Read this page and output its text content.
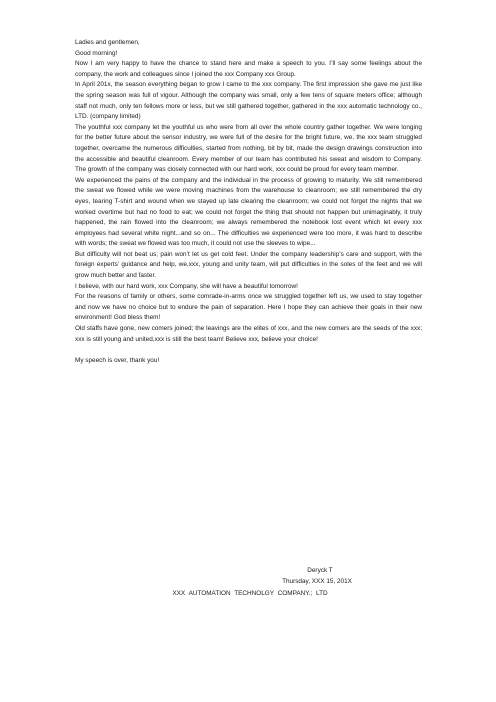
Ladies and gentlemen,

Good morning!

Now I am very happy to have the chance to stand here and make a speech to you. I’ll say some feelings about the company, the work and colleagues since I joined the xxx Company xxx Group.

In April 201x, the season everything began to grow I came to the xxx company. The first impression she gave me just like the spring season was full of vigour. Although the company was small, only a few tens of square meters office; although staff not much, only ten fellows more or less, but we still gathered together, gathered in the xxx automatic technology co., LTD. (company limited)

The youthful xxx company let the youthful us who were from all over the whole country gather together. We were longing for the better future about the sensor industry, we were full of the desire for the bright future, we, the xxx team struggled together, overcame the numerous difficulties, started from nothing, bit by bit, made the design drawings construction into the accessible and beautiful cleanroom. Every member of our team has contributed his sweat and wisdom to Company. The growth of the company was closely connected with our hard work, xxx could be proud for every team member.

We experienced the pains of the company and the individual in the process of growing to maturity. We still remembered the sweat we flowed while we were moving machines from the warehouse to cleanroom; we still remembered the dry eyes, tearing T-shirt and wound when we stayed up late clearing the cleanroom; we could not forget the nights that we worked overtime but had no food to eat; we could not forget the thing that should not happen but unimaginably, it truly happened, the rain flowed into the cleanroom; we always remembered the notebook lost event which let every xxx employees had several white night...and so on... The difficulties we experienced were too more, it was hard to describe with words; the sweat we flowed was too much, it could not use the sleeves to wipe...

But difficulty will not beat us; pain won’t let us get cold feet. Under the company leadership’s care and support, with the foreign experts’ guidance and help, we,xxx, young and unity team, will put difficulties in the soles of the feet and we will grow much better and faster.

I believe, with our hard work, xxx Company, she will have a beautiful tomorrow!

For the reasons of family or others, some comrade-in-arms once we struggled together left us, we used to stay together and now we have no choice but to endure the pain of separation. Here I hope they can achieve their goals in their new environment! God bless them!

Old staffs have gone, new comers joined; the leavings are the elites of xxx, and the new comers are the seeds of the xxx; xxx is still young and united,xxx is still the best team! Believe xxx, believe your choice!

My speech is over, thank you!

Deryck T

Thursday, XXX 15, 201X

XXX AUTOMATION TECHNOLGY COMPANY.; LTD
